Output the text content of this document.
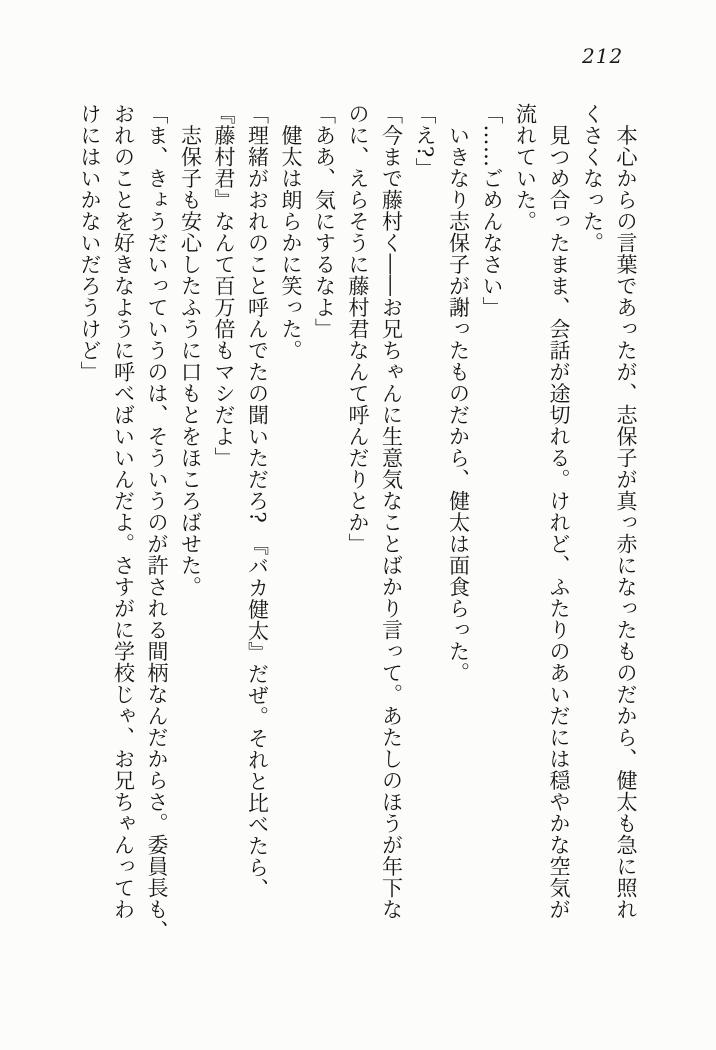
212
　本心からの言葉であったが、志保子が真っ赤になったものだから、健太も急に照れ
くさくなった。
　見つめ合ったまま、会話が途切れる。けれど、ふたりのあいだには穏やかな空気が
流れていた。
「……ごめんなさい」
　いきなり志保子が謝ったものだから、健太は面食らった。
「え?」
「今まで藤村く――お兄ちゃんに生意気なことばかり言って。あたしのほうが年下な
のに、えらそうに藤村君なんて呼んだりとか」
「ああ、気にするなよ」
　健太は朗らかに笑った。
「理緒がおれのこと呼んでたの聞いただろ?　『バカ健太』だぜ。それと比べたら、
『藤村君』なんて百万倍もマシだよ」
　志保子も安心したふうに口もとをほころばせた。
「ま、きょうだいっていうのは、そういうのが許される間柄なんだからさ。委員長も、
おれのことを好きなように呼べばいいんだよ。さすがに学校じゃ、お兄ちゃんってわ
けにはいかないだろうけど」
